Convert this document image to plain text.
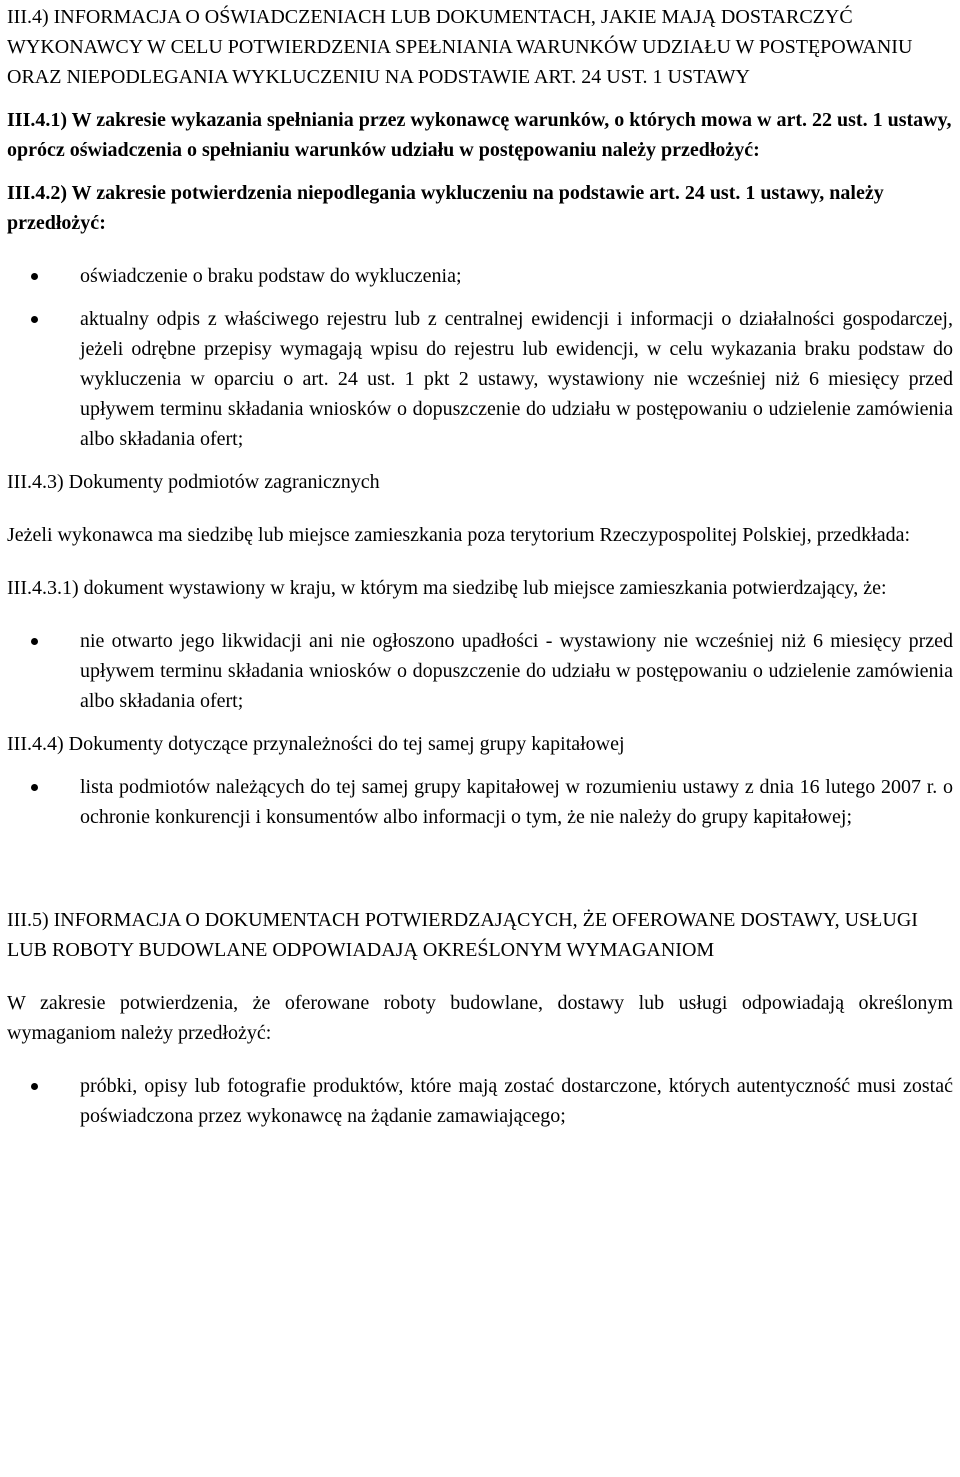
III.4) INFORMACJA O OŚWIADCZENIACH LUB DOKUMENTACH, JAKIE MAJĄ DOSTARCZYĆ WYKONAWCY W CELU POTWIERDZENIA SPEŁNIANIA WARUNKÓW UDZIAŁU W POSTĘPOWANIU ORAZ NIEPODLEGANIA WYKLUCZENIU NA PODSTAWIE ART. 24 UST. 1 USTAWY

III.4.1) W zakresie wykazania spełniania przez wykonawcę warunków, o których mowa w art. 22 ust. 1 ustawy, oprócz oświadczenia o spełnianiu warunków udziału w postępowaniu należy przedłożyć:

III.4.2) W zakresie potwierdzenia niepodlegania wykluczeniu na podstawie art. 24 ust. 1 ustawy, należy przedłożyć:

oświadczenie o braku podstaw do wykluczenia;
aktualny odpis z właściwego rejestru lub z centralnej ewidencji i informacji o działalności gospodarczej, jeżeli odrębne przepisy wymagają wpisu do rejestru lub ewidencji, w celu wykazania braku podstaw do wykluczenia w oparciu o art. 24 ust. 1 pkt 2 ustawy, wystawiony nie wcześniej niż 6 miesięcy przed upływem terminu składania wniosków o dopuszczenie do udziału w postępowaniu o udzielenie zamówienia albo składania ofert;

III.4.3) Dokumenty podmiotów zagranicznych

Jeżeli wykonawca ma siedzibę lub miejsce zamieszkania poza terytorium Rzeczypospolitej Polskiej, przedkłada:

III.4.3.1) dokument wystawiony w kraju, w którym ma siedzibę lub miejsce zamieszkania potwierdzający, że:

nie otwarto jego likwidacji ani nie ogłoszono upadłości - wystawiony nie wcześniej niż 6 miesięcy przed upływem terminu składania wniosków o dopuszczenie do udziału w postępowaniu o udzielenie zamówienia albo składania ofert;

III.4.4) Dokumenty dotyczące przynależności do tej samej grupy kapitałowej

lista podmiotów należących do tej samej grupy kapitałowej w rozumieniu ustawy z dnia 16 lutego 2007 r. o ochronie konkurencji i konsumentów albo informacji o tym, że nie należy do grupy kapitałowej;

III.5) INFORMACJA O DOKUMENTACH POTWIERDZAJĄCYCH, ŻE OFEROWANE DOSTAWY, USŁUGI LUB ROBOTY BUDOWLANE ODPOWIADAJĄ OKREŚLONYM WYMAGANIOM

W zakresie potwierdzenia, że oferowane roboty budowlane, dostawy lub usługi odpowiadają określonym wymaganiom należy przedłożyć:

próbki, opisy lub fotografie produktów, które mają zostać dostarczone, których autentyczność musi zostać poświadczona przez wykonawcę na żądanie zamawiającego;
